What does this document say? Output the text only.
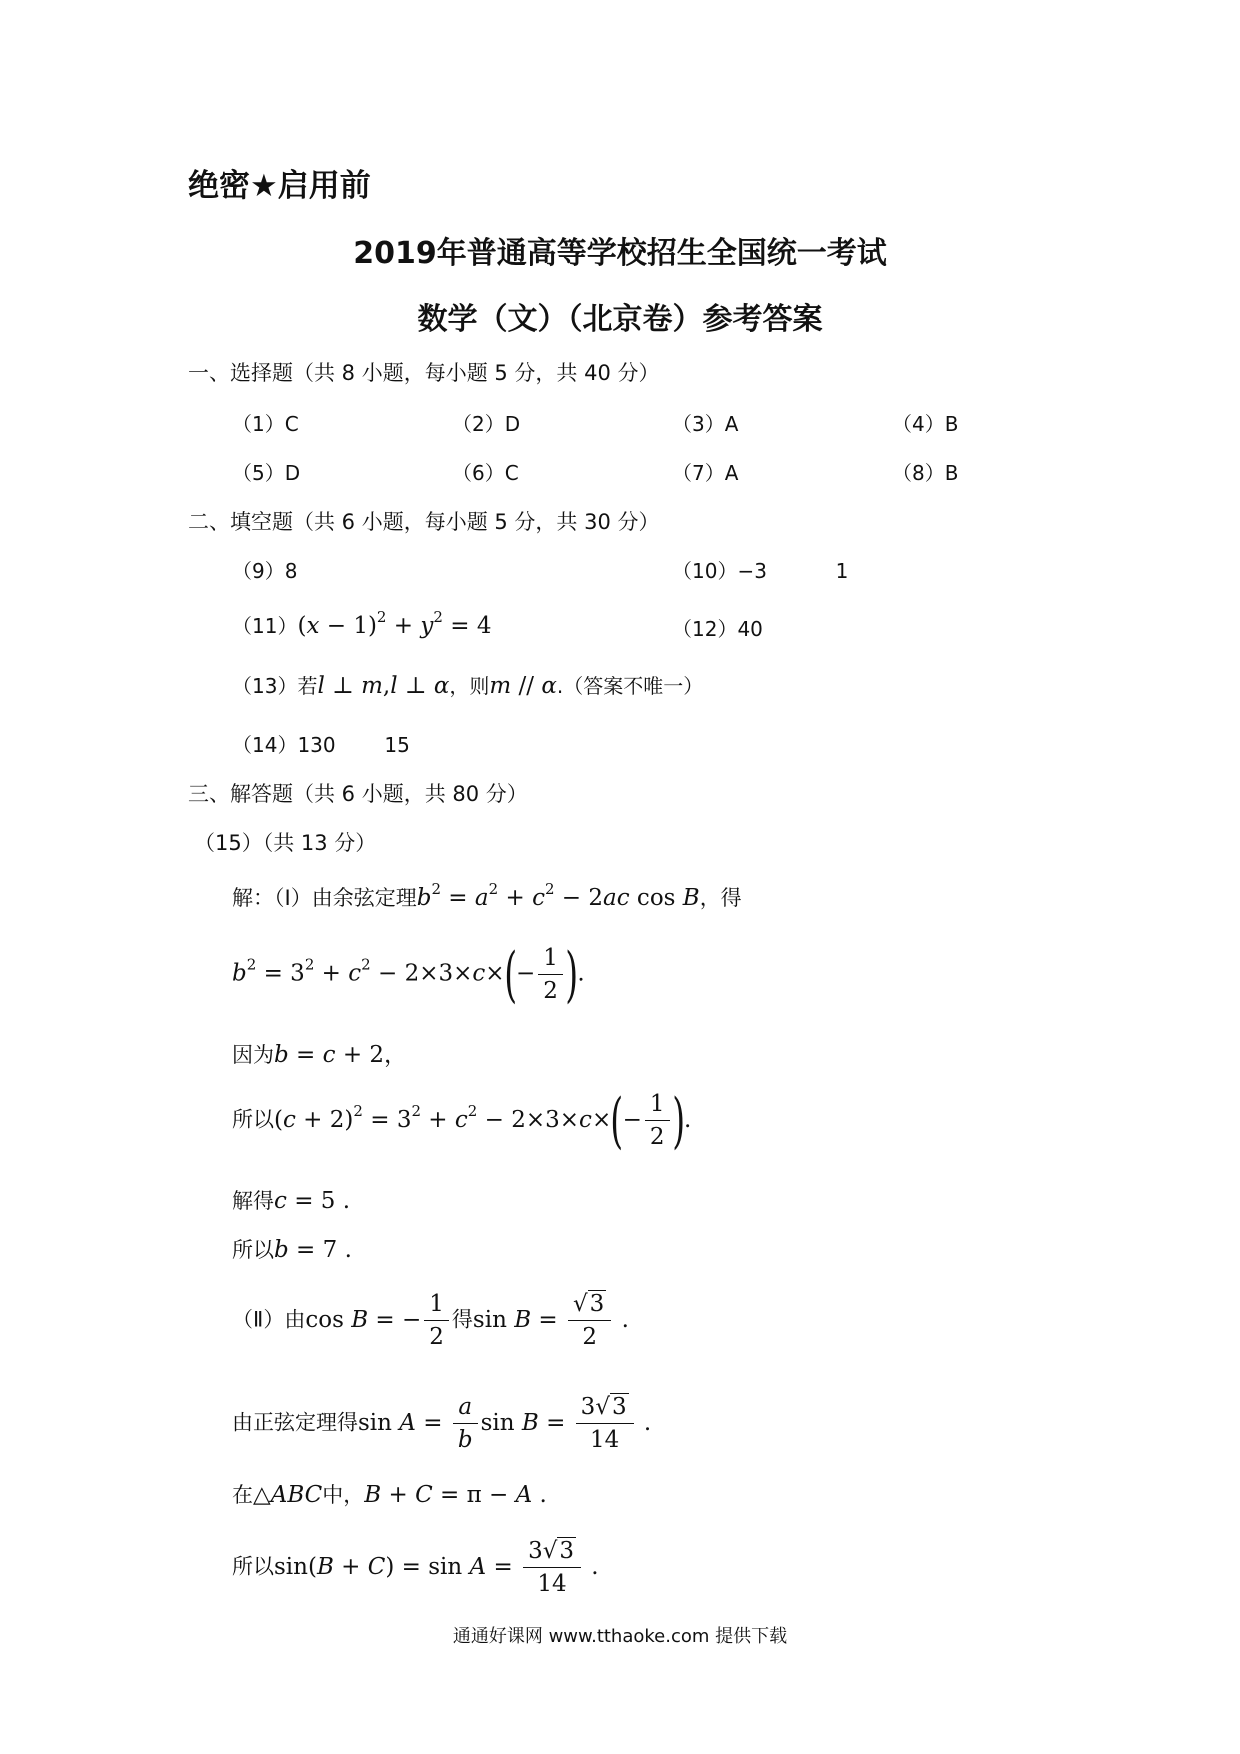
绝密★启用前
2019年普通高等学校招生全国统一考试
数学（文）（北京卷）参考答案
一、选择题（共 8 小题，每小题 5 分，共 40 分）
（1）C	（2）D	（3）A	（4）B
（5）D	（6）C	（7）A	（8）B
二、填空题（共 6 小题，每小题 5 分，共 30 分）
（9）8	（10）−3	1
$(11)(x - 1)^2 + y^2 = 4$	（12）40
（13）若l ⊥ m,l ⊥ α，则m // α.（答案不唯一）
（14）130 15
三、解答题（共 6 小题，共 80 分）
（15）（共 13 分）
解：（Ⅰ）由余弦定理$b^2 = a^2 + c^2 - 2ac$ cos B，得
$b^2 = 3^2 + c^2 - 2\times 3\times c\times(- \frac{1}{2}$ ).
因为b = c + 2，
所以$(c + 2)^2 = 3^2 + c^2 - 2\times 3\times c\times(- \frac{1}{2}$ ).
解得c = 5 .
所以b = 7 .
（Ⅱ）由cos B = − $\frac{1}{2}$ 得$\sin B = \frac{√3}{2}$ .
由正弦定理得$\sin A = \frac{a}{b}$ $\sin B = \frac{3√3}{14}$ .
在△ABC中，B + C = π − A .
所以$\sin(B + C) = \sin A = \frac{3√3}{14}$ .
通通好课网 www.tthaoke.com 提供下载
